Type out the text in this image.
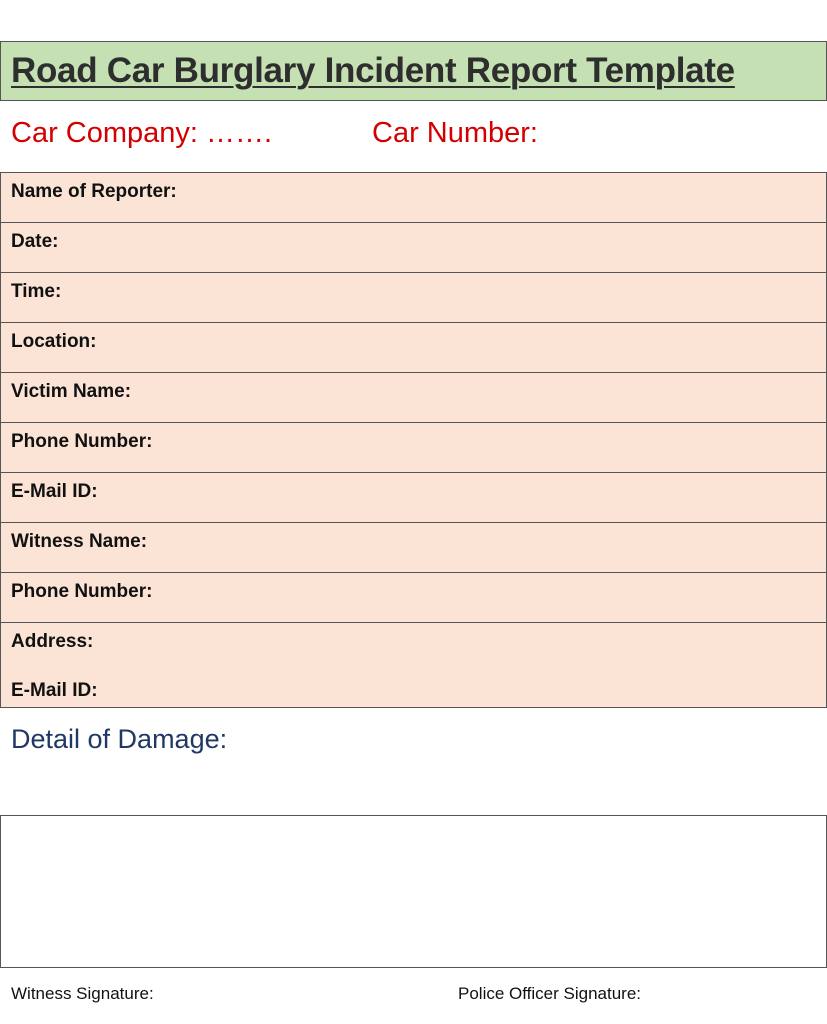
Road Car Burglary Incident Report Template
Car Company: …….	Car Number:
Name of Reporter:
Date:
Time:
Location:
Victim Name:
Phone Number:
E-Mail ID:
Witness Name:
Phone Number:
Address:
E-Mail ID:
Detail of Damage:
Witness Signature:	Police Officer Signature:
